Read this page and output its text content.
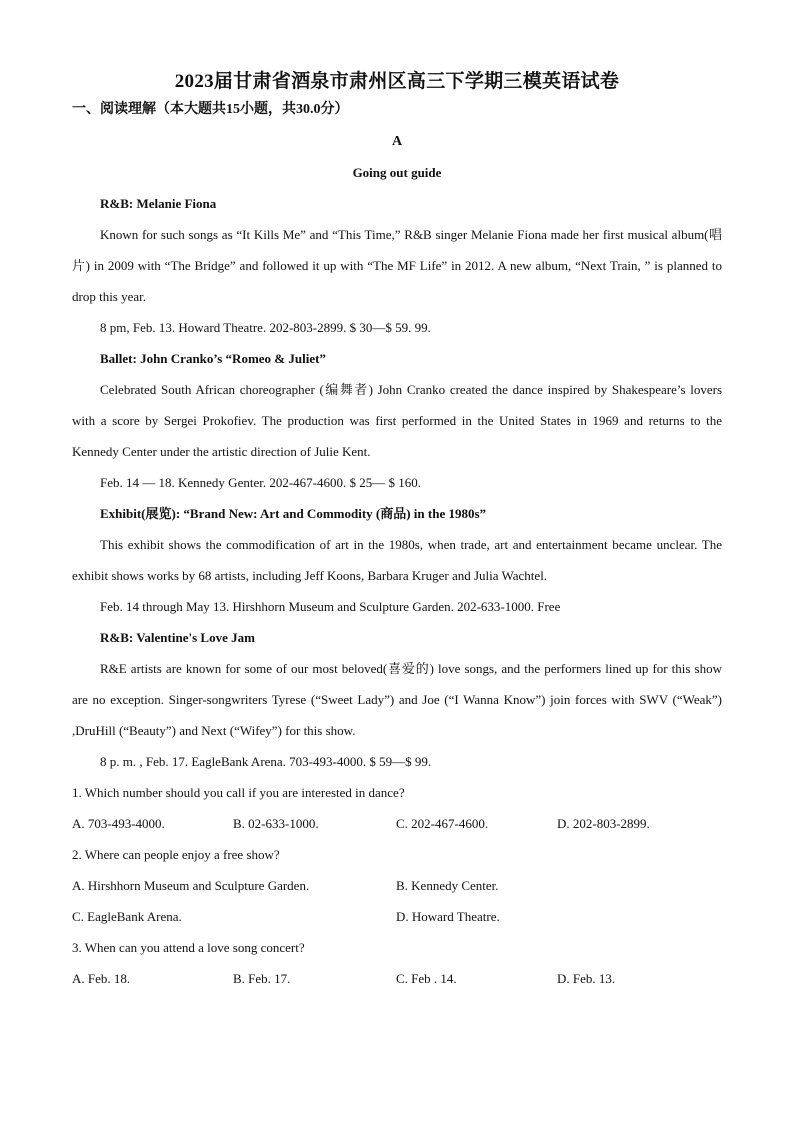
2023届甘肃省酒泉市肃州区高三下学期三模英语试卷
一、阅读理解（本大题共15小题，共30.0分）
A
Going out guide

R&B: Melanie Fiona

Known for such songs as “It Kills Me” and “This Time,” R&B singer Melanie Fiona made her first musical album(唱片) in 2009 with “The Bridge” and followed it up with “The MF Life” in 2012. A new album, “Next Train, ” is planned to drop this year.

8 pm, Feb. 13. Howard Theatre. 202-803-2899. $ 30—$ 59. 99.

Ballet: John Cranko’s “Romeo & Juliet”

Celebrated South African choreographer (编舞者) John Cranko created the dance inspired by Shakespeare’s lovers with a score by Sergei Prokofiev. The production was first performed in the United States in 1969 and returns to the Kennedy Center under the artistic direction of Julie Kent.

Feb. 14 — 18. Kennedy Genter. 202-467-4600. $ 25— $ 160.

Exhibit(展览): “Brand New: Art and Commodity (商品) in the 1980s”

This exhibit shows the commodification of art in the 1980s, when trade, art and entertainment became unclear. The exhibit shows works by 68 artists, including Jeff Koons, Barbara Kruger and Julia Wachtel.

Feb. 14 through May 13. Hirshhorn Museum and Sculpture Garden. 202-633-1000. Free

R&B: Valentine's Love Jam

R&E artists are known for some of our most beloved(喜爱的) love songs, and the performers lined up for this show are no exception. Singer-songwriters Tyrese (“Sweet Lady”) and Joe (“I Wanna Know”) join forces with SWV (“Weak”) ,DruHill (“Beauty”) and Next (“Wifey”) for this show.

8 p. m. , Feb. 17. EagleBank Arena. 703-493-4000. $ 59—$ 99.

1. Which number should you call if you are interested in dance?
A. 703-493-4000.	B. 02-633-1000.	C. 202-467-4600.	D. 202-803-2899.
2. Where can people enjoy a free show?
A. Hirshhorn Museum and Sculpture Garden.	B. Kennedy Center.
C. EagleBank Arena.	D. Howard Theatre.
3. When can you attend a love song concert?
A. Feb. 18.	B. Feb. 17.	C. Feb . 14.	D. Feb. 13.
